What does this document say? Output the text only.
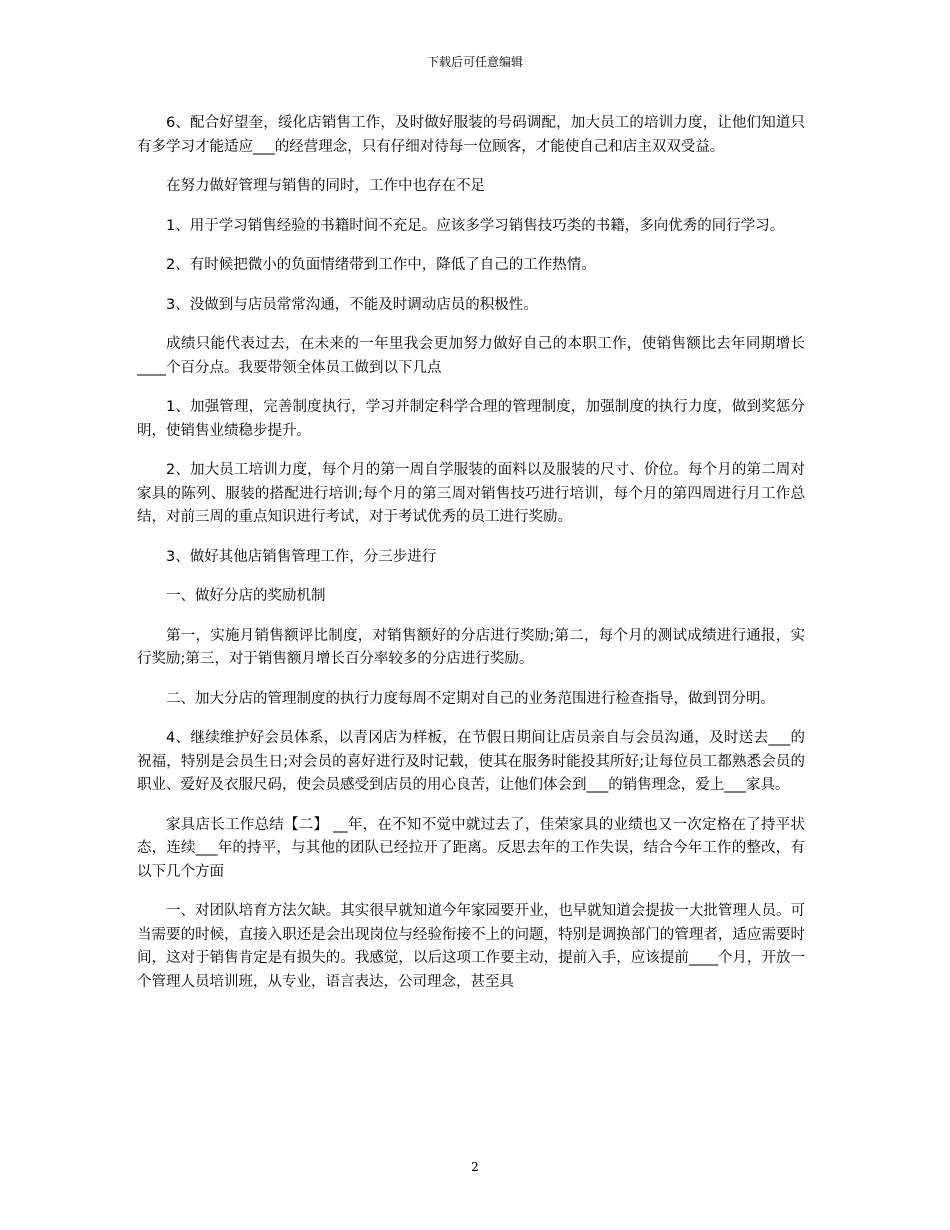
下载后可任意编辑

6、配合好望奎，绥化店销售工作，及时做好服装的号码调配，加大员工的培训力度，让他们知道只有多学习才能适应___的经营理念，只有仔细对待每一位顾客，才能使自己和店主双双受益。

在努力做好管理与销售的同时，工作中也存在不足

1、用于学习销售经验的书籍时间不充足。应该多学习销售技巧类的书籍，多向优秀的同行学习。

2、有时候把微小的负面情绪带到工作中，降低了自己的工作热情。

3、没做到与店员常常沟通，不能及时调动店员的积极性。

成绩只能代表过去，在未来的一年里我会更加努力做好自己的本职工作，使销售额比去年同期增长____个百分点。我要带领全体员工做到以下几点

1、加强管理，完善制度执行，学习并制定科学合理的管理制度，加强制度的执行力度，做到奖惩分明，使销售业绩稳步提升。

2、加大员工培训力度，每个月的第一周自学服装的面料以及服装的尺寸、价位。每个月的第二周对家具的陈列、服装的搭配进行培训;每个月的第三周对销售技巧进行培训，每个月的第四周进行月工作总结，对前三周的重点知识进行考试，对于考试优秀的员工进行奖励。

3、做好其他店销售管理工作，分三步进行

一、做好分店的奖励机制

第一，实施月销售额评比制度，对销售额好的分店进行奖励;第二，每个月的测试成绩进行通报，实行奖励;第三，对于销售额月增长百分率较多的分店进行奖励。

二、加大分店的管理制度的执行力度每周不定期对自己的业务范围进行检查指导，做到罚分明。

4、继续维护好会员体系，以青冈店为样板，在节假日期间让店员亲自与会员沟通，及时送去___的祝福，特别是会员生日;对会员的喜好进行及时记载，使其在服务时能投其所好;让每位员工都熟悉会员的职业、爱好及衣服尺码，使会员感受到店员的用心良苦，让他们体会到___的销售理念，爱上___家具。

家具店长工作总结【二】 __年，在不知不觉中就过去了，佳荣家具的业绩也又一次定格在了持平状态，连续___年的持平，与其他的团队已经拉开了距离。反思去年的工作失误，结合今年工作的整改，有以下几个方面

一、对团队培育方法欠缺。其实很早就知道今年家园要开业，也早就知道会提拔一大批管理人员。可当需要的时候，直接入职还是会出现岗位与经验衔接不上的问题，特别是调换部门的管理者，适应需要时间，这对于销售肯定是有损失的。我感觉，以后这项工作要主动，提前入手，应该提前____个月，开放一个管理人员培训班，从专业，语言表达，公司理念，甚至具

2
